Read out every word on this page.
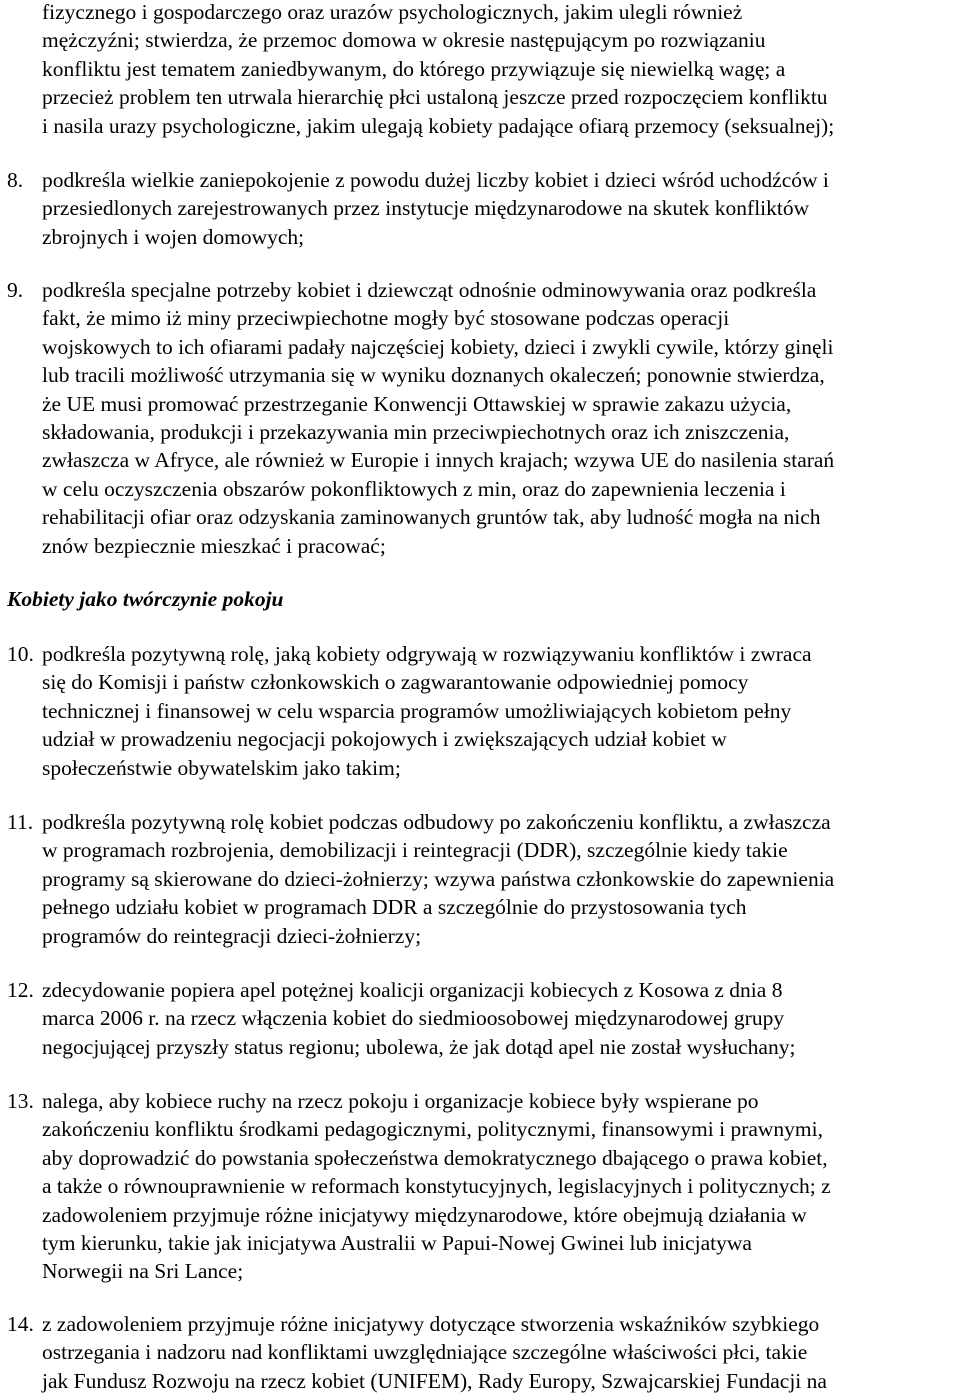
fizycznego i gospodarczego oraz urazów psychologicznych, jakim ulegli również
mężczyźni; stwierdza, że przemoc domowa w okresie następującym po rozwiązaniu
konfliktu jest tematem zaniedbywanym, do którego przywiązuje się niewielką wagę; a
przecież problem ten utrwala hierarchię płci ustaloną jeszcze przed rozpoczęciem konfliktu
i nasila urazy psychologiczne, jakim ulegają kobiety padające ofiarą przemocy (seksualnej);
8. podkreśla wielkie zaniepokojenie z powodu dużej liczby kobiet i dzieci wśród uchodźców i
przesiedlonych zarejestrowanych przez instytucje międzynarodowe na skutek konfliktów
zbrojnych i wojen domowych;
9. podkreśla specjalne potrzeby kobiet i dziewcząt odnośnie odminowywania oraz podkreśla
fakt, że mimo iż miny przeciwpiechotne mogły być stosowane podczas operacji
wojskowych to ich ofiarami padały najczęściej kobiety, dzieci i zwykli cywile, którzy ginęli
lub tracili możliwość utrzymania się w wyniku doznanych okaleczeń; ponownie stwierdza,
że UE musi promować przestrzeganie Konwencji Ottawskiej w sprawie zakazu użycia,
składowania, produkcji i przekazywania min przeciwpiechotnych oraz ich zniszczenia,
zwłaszcza w Afryce, ale również w Europie i innych krajach; wzywa UE do nasilenia starań
w celu oczyszczenia obszarów pokonfliktowych z min, oraz do zapewnienia leczenia i
rehabilitacji ofiar oraz odzyskania zaminowanych gruntów tak, aby ludność mogła na nich
znów bezpiecznie mieszkać i pracować;
Kobiety jako twórczynie pokoju
10. podkreśla pozytywną rolę, jaką kobiety odgrywają w rozwiązywaniu konfliktów i zwraca
się do Komisji i państw członkowskich o zagwarantowanie odpowiedniej pomocy
technicznej i finansowej w celu wsparcia programów umożliwiających kobietom pełny
udział w prowadzeniu negocjacji pokojowych i zwiększających udział kobiet w
społeczeństwie obywatelskim jako takim;
11. podkreśla pozytywną rolę kobiet podczas odbudowy po zakończeniu konfliktu, a zwłaszcza
w programach rozbrojenia, demobilizacji i reintegracji (DDR), szczególnie kiedy takie
programy są skierowane do dzieci-żołnierzy; wzywa państwa członkowskie do zapewnienia
pełnego udziału kobiet w programach DDR a szczególnie do przystosowania tych
programów do reintegracji dzieci-żołnierzy;
12. zdecydowanie popiera apel potężnej koalicji organizacji kobiecych z Kosowa z dnia 8
marca 2006 r. na rzecz włączenia kobiet do siedmioosobowej międzynarodowej grupy
negocjującej przyszły status regionu; ubolewa, że jak dotąd apel nie został wysłuchany;
13. nalega, aby kobiece ruchy na rzecz pokoju i organizacje kobiece były wspierane po
zakończeniu konfliktu środkami pedagogicznymi, politycznymi, finansowymi i prawnymi,
aby doprowadzić do powstania społeczeństwa demokratycznego dbającego o prawa kobiet,
a także o równouprawnienie w reformach konstytucyjnych, legislacyjnych i politycznych; z
zadowoleniem przyjmuje różne inicjatywy międzynarodowe, które obejmują działania w
tym kierunku, takie jak inicjatywa Australii w Papui-Nowej Gwinei lub inicjatywa
Norwegii na Sri Lance;
14. z zadowoleniem przyjmuje różne inicjatywy dotyczące stworzenia wskaźników szybkiego
ostrzegania i nadzoru nad konfliktami uwzględniające szczególne właściwości płci, takie
jak Fundusz Rozwoju na rzecz kobiet (UNIFEM), Rady Europy, Szwajcarskiej Fundacji na
